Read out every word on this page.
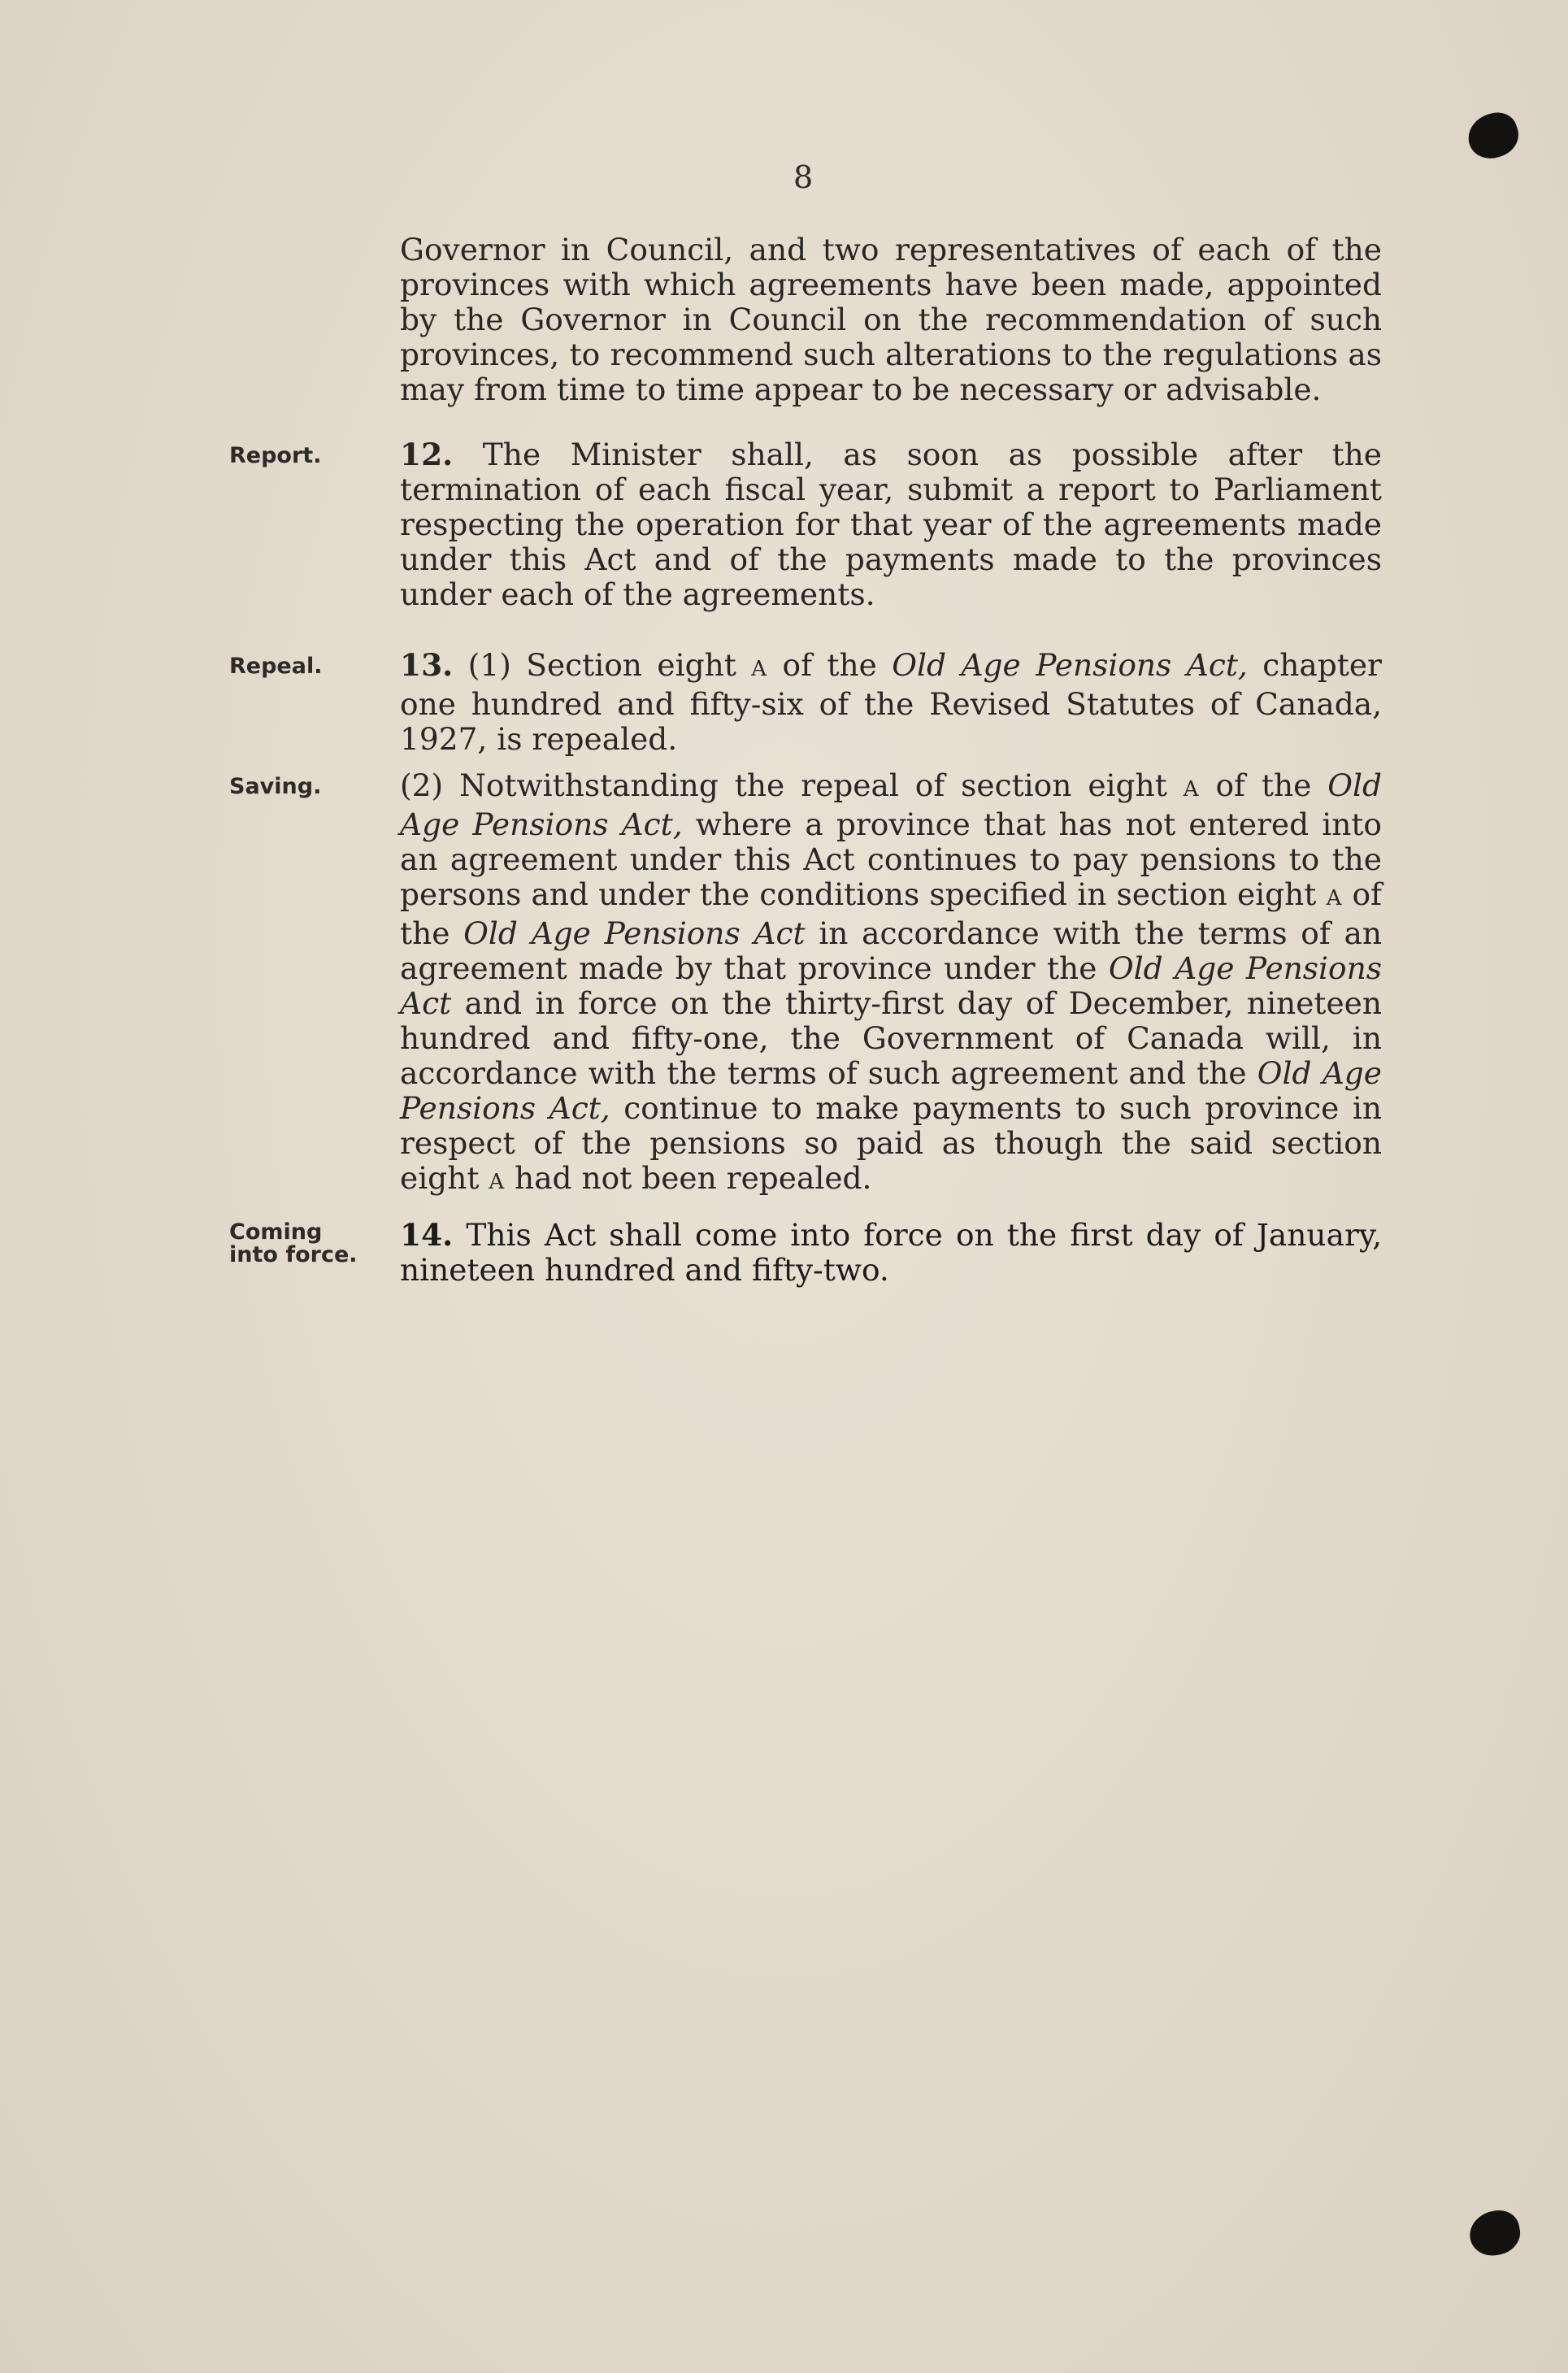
8
Governor in Council, and two representatives of each of the provinces with which agreements have been made, appointed by the Governor in Council on the recommendation of such provinces, to recommend such alterations to the regulations as may from time to time appear to be necessary or advisable.
Report.	12. The Minister shall, as soon as possible after the termination of each fiscal year, submit a report to Parliament respecting the operation for that year of the agreements made under this Act and of the payments made to the provinces under each of the agreements.
Repeal.	13. (1) Section eight A of the Old Age Pensions Act, chapter one hundred and fifty-six of the Revised Statutes of Canada, 1927, is repealed.
Saving.	(2) Notwithstanding the repeal of section eight A of the Old Age Pensions Act, where a province that has not entered into an agreement under this Act continues to pay pensions to the persons and under the conditions specified in section eight A of the Old Age Pensions Act in accordance with the terms of an agreement made by that province under the Old Age Pensions Act and in force on the thirty-first day of December, nineteen hundred and fifty-one, the Government of Canada will, in accordance with the terms of such agreement and the Old Age Pensions Act, continue to make payments to such province in respect of the pensions so paid as though the said section eight A had not been repealed.
Coming into force.
14. This Act shall come into force on the first day of January, nineteen hundred and fifty-two.
